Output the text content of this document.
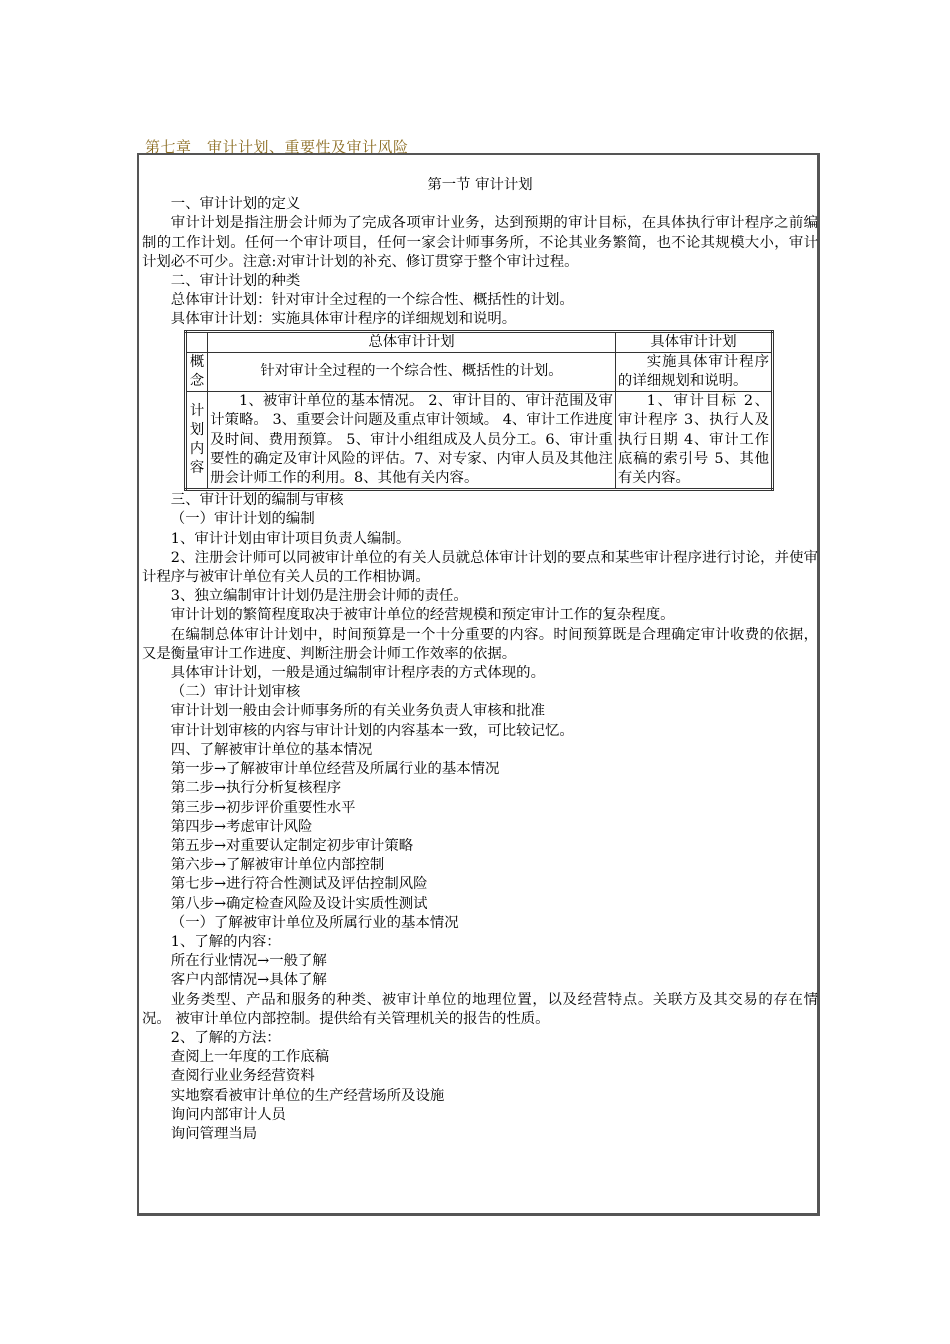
第七章　审计计划、重要性及审计风险

第一节 审计计划

一、审计计划的定义

审计计划是指注册会计师为了完成各项审计业务，达到预期的审计目标，在具体执行审计程序之前编制的工作计划。任何一个审计项目，任何一家会计师事务所，不论其业务繁简，也不论其规模大小，审计计划必不可少。注意:对审计计划的补充、修订贯穿于整个审计过程。

二、审计计划的种类

总体审计计划：针对审计全过程的一个综合性、概括性的计划。

具体审计计划：实施具体审计程序的详细规划和说明。

	总体审计计划	具体审计计划
概念	针对审计全过程的一个综合性、概括性的计划。	实施具体审计程序的详细规划和说明。
计划内容	1、被审计单位的基本情况。 2、审计目的、审计范围及审计策略。 3、重要会计问题及重点审计领域。 4、审计工作进度及时间、费用预算。 5、审计小组组成及人员分工。6、审计重要性的确定及审计风险的评估。7、对专家、内审人员及其他注册会计师工作的利用。8、其他有关内容。	1、审计目标 2、审计程序 3、执行人及执行日期 4、审计工作底稿的索引号 5、其他有关内容。

三、审计计划的编制与审核

（一）审计计划的编制

1、审计计划由审计项目负责人编制。

2、注册会计师可以同被审计单位的有关人员就总体审计计划的要点和某些审计程序进行讨论，并使审计程序与被审计单位有关人员的工作相协调。

3、独立编制审计计划仍是注册会计师的责任。

审计计划的繁简程度取决于被审计单位的经营规模和预定审计工作的复杂程度。

在编制总体审计计划中，时间预算是一个十分重要的内容。时间预算既是合理确定审计收费的依据，又是衡量审计工作进度、判断注册会计师工作效率的依据。

具体审计计划，一般是通过编制审计程序表的方式体现的。

（二）审计计划审核

审计计划一般由会计师事务所的有关业务负责人审核和批准

审计计划审核的内容与审计计划的内容基本一致，可比较记忆。

四、了解被审计单位的基本情况

第一步→了解被审计单位经营及所属行业的基本情况

第二步→执行分析复核程序

第三步→初步评价重要性水平

第四步→考虑审计风险

第五步→对重要认定制定初步审计策略

第六步→了解被审计单位内部控制

第七步→进行符合性测试及评估控制风险

第八步→确定检查风险及设计实质性测试

（一）了解被审计单位及所属行业的基本情况

1、了解的内容：

所在行业情况→一般了解

客户内部情况→具体了解

业务类型、产品和服务的种类、被审计单位的地理位置，以及经营特点。关联方及其交易的存在情况。 被审计单位内部控制。提供给有关管理机关的报告的性质。

2、了解的方法：

查阅上一年度的工作底稿

查阅行业业务经营资料

实地察看被审计单位的生产经营场所及设施

询问内部审计人员

询问管理当局
